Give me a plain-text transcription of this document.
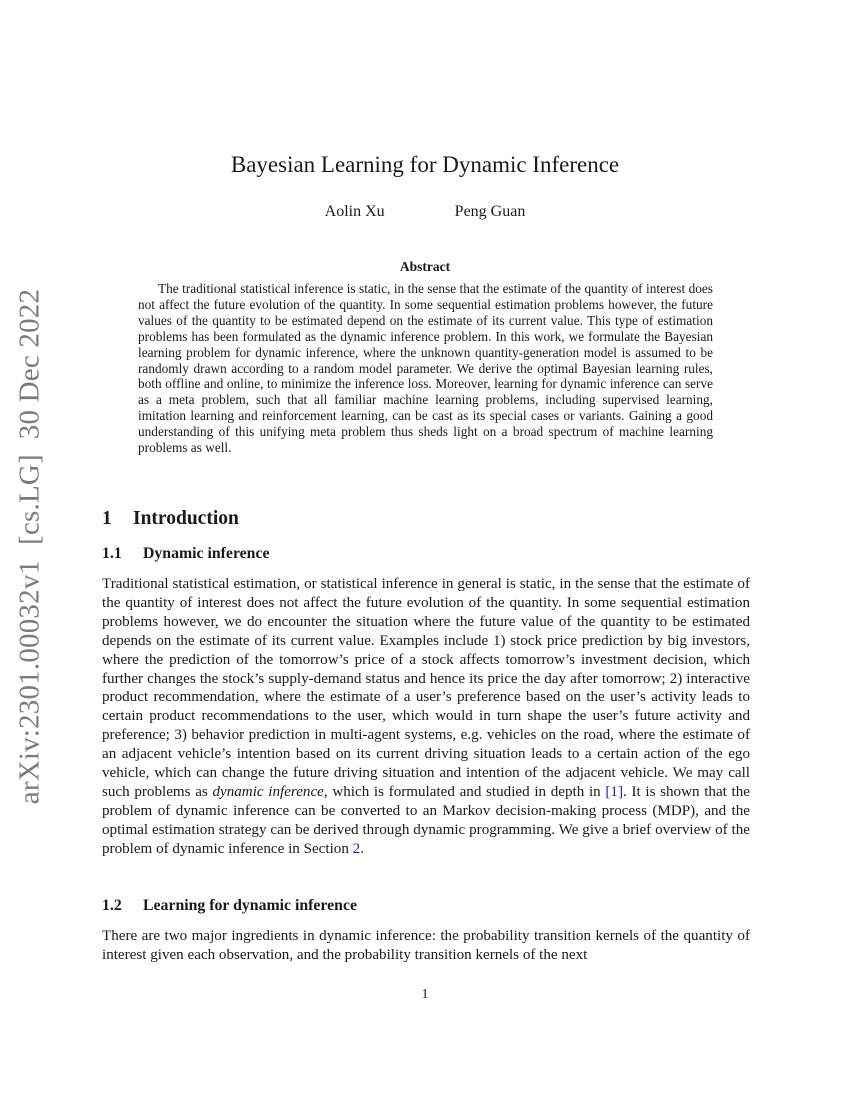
arXiv:2301.00032v1  [cs.LG]  30 Dec 2022
Bayesian Learning for Dynamic Inference
Aolin Xu	Peng Guan
Abstract
The traditional statistical inference is static, in the sense that the estimate of the quantity of interest does not affect the future evolution of the quantity. In some sequential estimation problems however, the future values of the quantity to be estimated depend on the estimate of its current value. This type of estimation problems has been formulated as the dynamic inference problem. In this work, we formulate the Bayesian learning problem for dynamic inference, where the unknown quantity-generation model is assumed to be randomly drawn according to a random model parameter. We derive the optimal Bayesian learning rules, both offline and online, to minimize the inference loss. Moreover, learning for dynamic inference can serve as a meta problem, such that all familiar machine learning problems, including supervised learning, imitation learning and reinforcement learning, can be cast as its special cases or variants. Gaining a good understanding of this unifying meta problem thus sheds light on a broad spectrum of machine learning problems as well.
1 Introduction
1.1 Dynamic inference
Traditional statistical estimation, or statistical inference in general is static, in the sense that the estimate of the quantity of interest does not affect the future evolution of the quantity. In some sequential estimation problems however, we do encounter the situation where the future value of the quantity to be estimated depends on the estimate of its current value. Examples include 1) stock price prediction by big investors, where the prediction of the tomorrow’s price of a stock affects tomorrow’s investment decision, which further changes the stock’s supply-demand status and hence its price the day after tomorrow; 2) interactive product recommendation, where the estimate of a user’s preference based on the user’s activity leads to certain product recommendations to the user, which would in turn shape the user’s future activity and preference; 3) behavior prediction in multi-agent systems, e.g. vehicles on the road, where the estimate of an adjacent vehicle’s intention based on its current driving situation leads to a certain action of the ego vehicle, which can change the future driving situation and intention of the adjacent vehicle. We may call such problems as dynamic inference, which is formulated and studied in depth in [1]. It is shown that the problem of dynamic inference can be converted to an Markov decision-making process (MDP), and the optimal estimation strategy can be derived through dynamic programming. We give a brief overview of the problem of dynamic inference in Section 2.
1.2 Learning for dynamic inference
There are two major ingredients in dynamic inference: the probability transition kernels of the quantity of interest given each observation, and the probability transition kernels of the next
1
